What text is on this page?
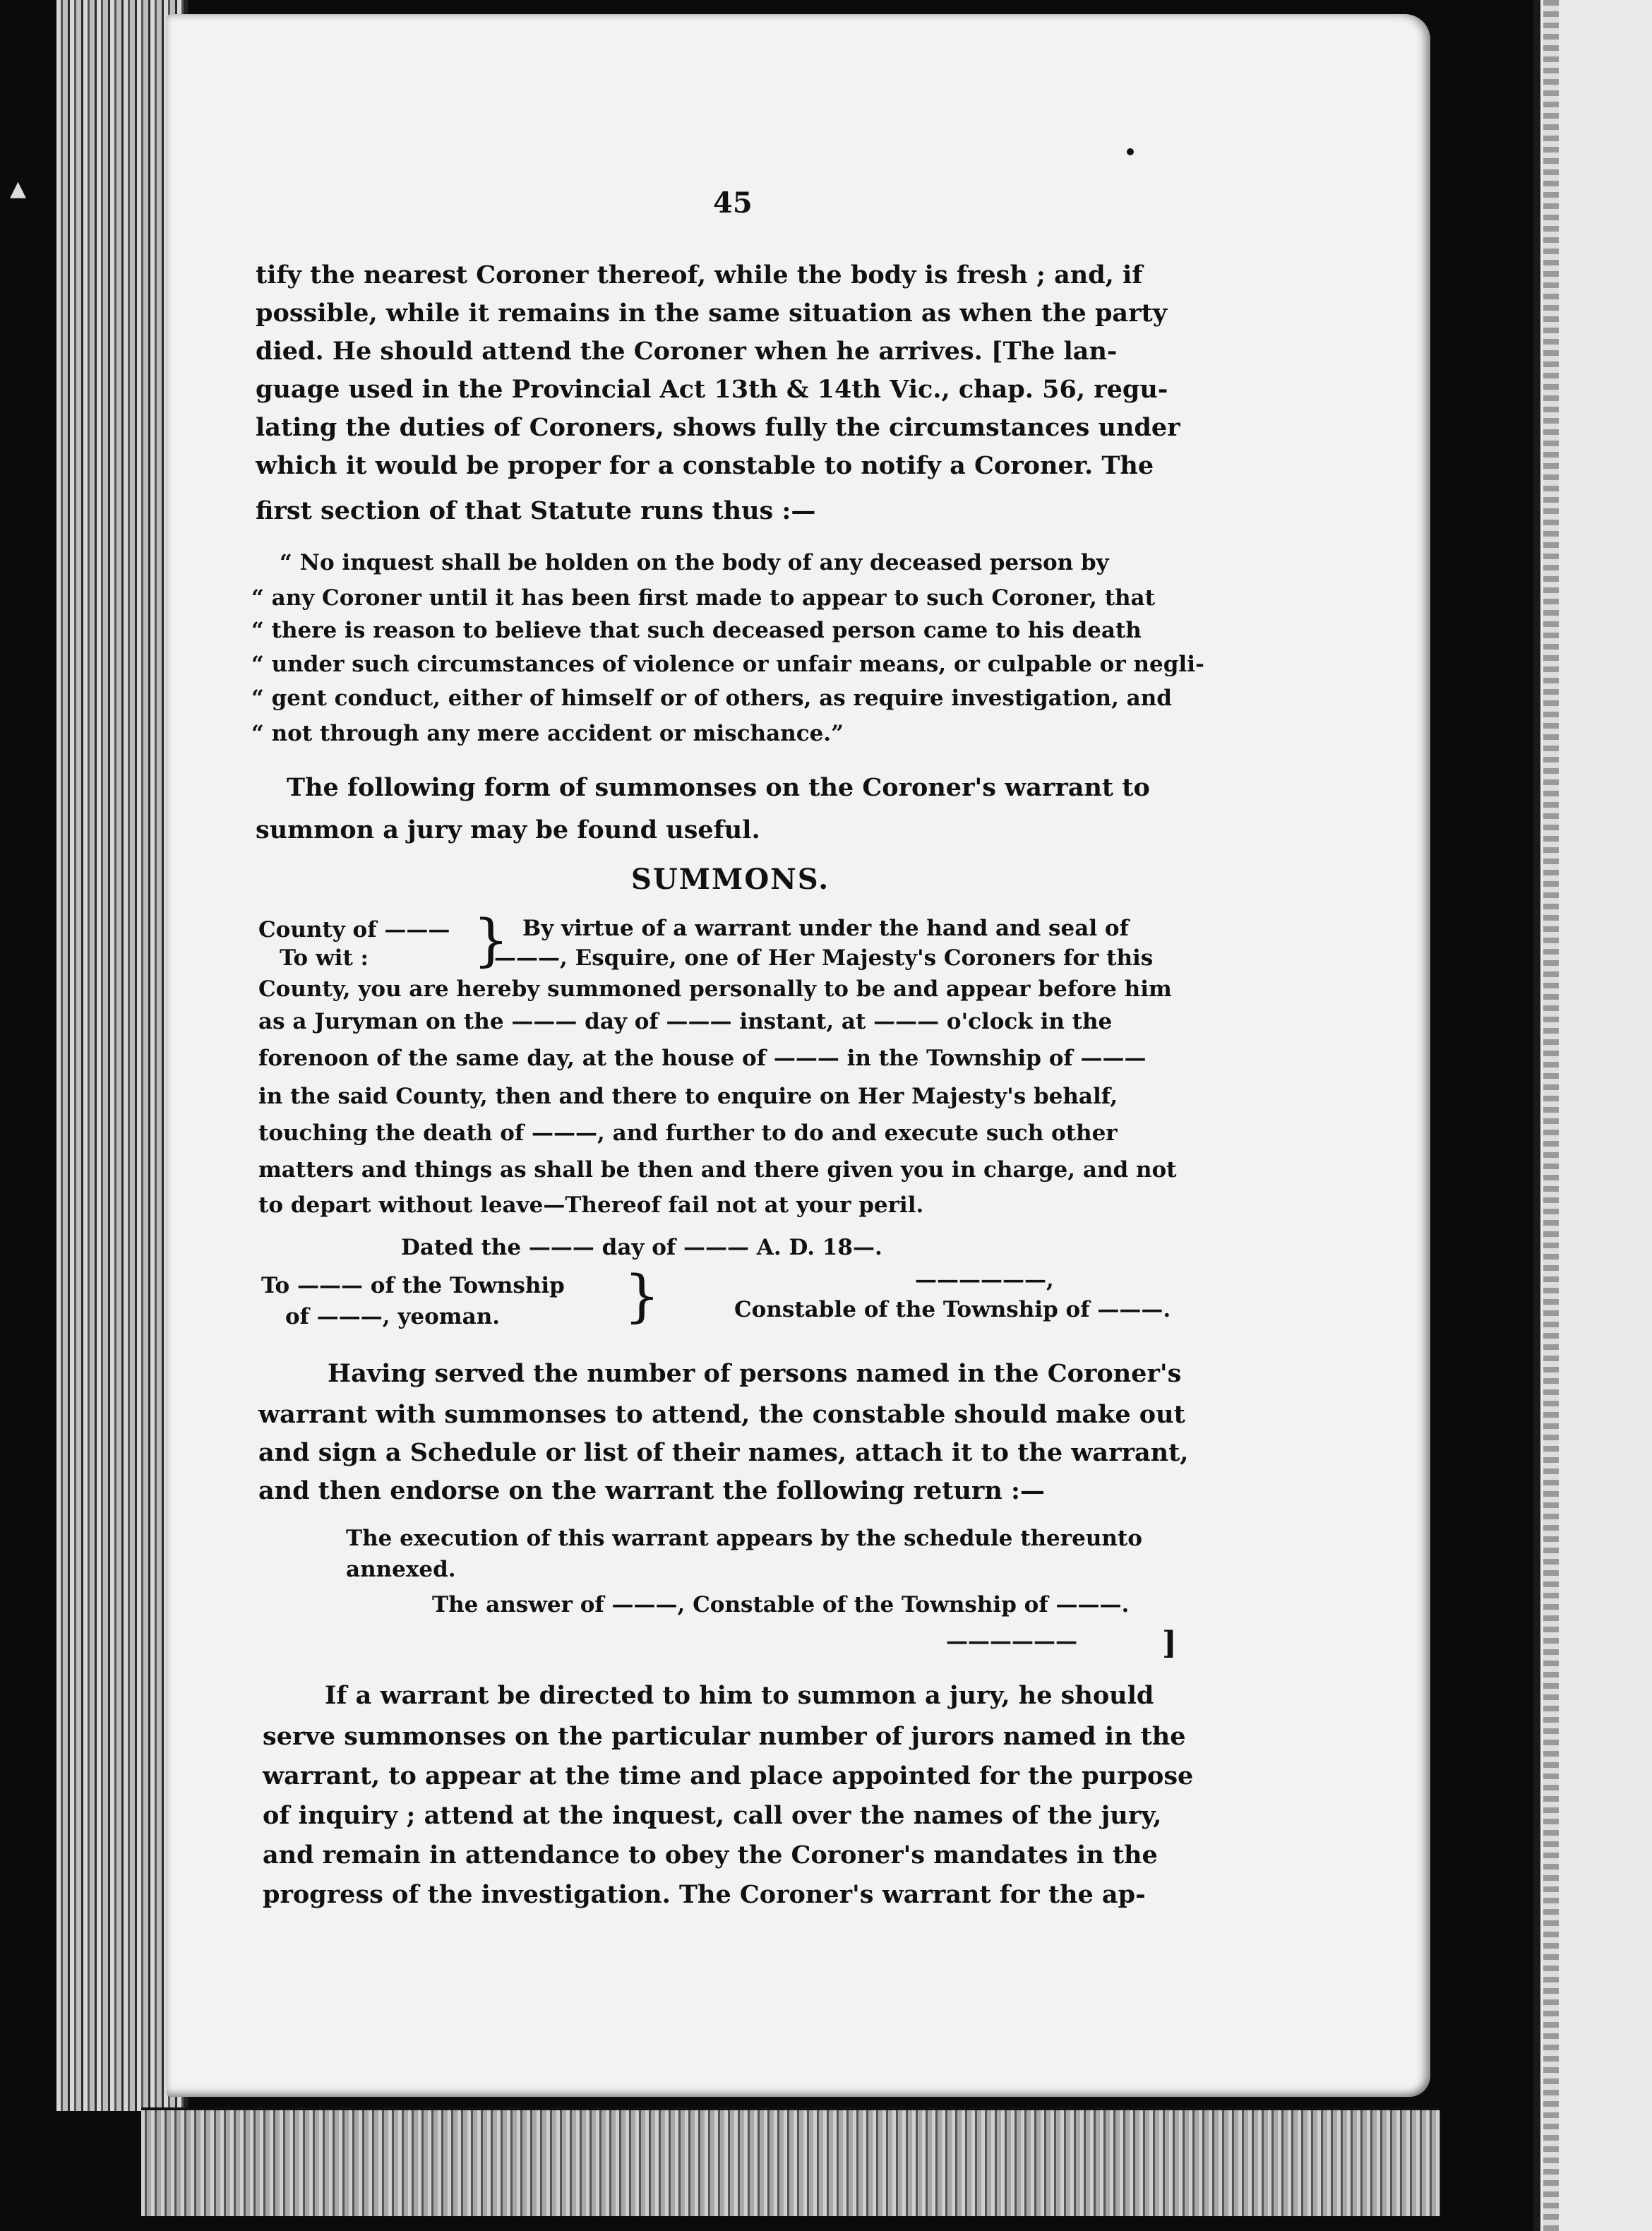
▲	45
tify the nearest Coroner thereof, while the body is fresh ; and, if
possible, while it remains in the same situation as when the party
died. He should attend the Coroner when he arrives. [The lan-
guage used in the Provincial Act 13th & 14th Vic., chap. 56, regu-
lating the duties of Coroners, shows fully the circumstances under
which it would be proper for a constable to notify a Coroner. The
first section of that Statute runs thus :—
“ No inquest shall be holden on the body of any deceased person by
“ any Coroner until it has been first made to appear to such Coroner, that
“ there is reason to believe that such deceased person came to his death
“ under such circumstances of violence or unfair means, or culpable or negli-
“ gent conduct, either of himself or of others, as require investigation, and
“ not through any mere accident or mischance.”
The following form of summonses on the Coroner's warrant to
summon a jury may be found useful.
SUMMONS.
County of ———
To wit : } By virtue of a warrant under the hand and seal of
———, Esquire, one of Her Majesty's Coroners for this
County, you are hereby summoned personally to be and appear before him
as a Juryman on the ——— day of ——— instant, at ——— o'clock in the
forenoon of the same day, at the house of ——— in the Township of ———
in the said County, then and there to enquire on Her Majesty's behalf,
touching the death of ———, and further to do and execute such other
matters and things as shall be then and there given you in charge, and not
to depart without leave—Thereof fail not at your peril.
Dated the ——— day of ——— A. D. 18—.
To ——— of the Township
of ———, yeoman. }	——————,
Constable of the Township of ———.
Having served the number of persons named in the Coroner's
warrant with summonses to attend, the constable should make out
and sign a Schedule or list of their names, attach it to the warrant,
and then endorse on the warrant the following return :—
The execution of this warrant appears by the schedule thereunto
annexed.
The answer of ———, Constable of the Township of ———.
——————	]
If a warrant be directed to him to summon a jury, he should
serve summonses on the particular number of jurors named in the
warrant, to appear at the time and place appointed for the purpose
of inquiry ; attend at the inquest, call over the names of the jury,
and remain in attendance to obey the Coroner's mandates in the
progress of the investigation. The Coroner's warrant for the ap-
